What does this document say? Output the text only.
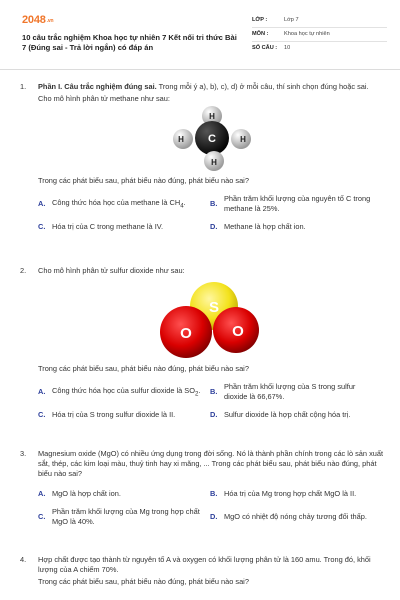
$2048^{.vn}$
10 câu trắc nghiệm Khoa học tự nhiên 7 Kết nối tri thức Bài 7 (Đúng sai - Trả lời ngắn) có đáp án
LỚP :	Lớp 7
MÔN :	Khoa học tự nhiên
SỐ CÂU :	10
1.	Phần I. Câu trắc nghiệm đúng sai. Trong mỗi ý a), b), c), d) ở mỗi câu, thí sinh chọn đúng hoặc sai.

Cho mô hình phân tử methane như sau:

C
H
H	H
H

Trong các phát biểu sau, phát biểu nào đúng, phát biểu nào sai?

A. Công thức hóa học của methane là $CH_4$.	B.
Phần trăm khối lượng của nguyên tố C trong methane là 25%.
C. Hóa trị của C trong methane là IV.	D. Methane là hợp chất ion.
2.	Cho mô hình phân tử sulfur dioxide như sau:

S
O	O

Trong các phát biểu sau, phát biểu nào đúng, phát biểu nào sai?

A. Công thức hóa học của sulfur dioxide là $SO_2$. B.
Phần trăm khối lượng của S trong sulfur dioxide là 66,67%.
C. Hóa trị của S trong sulfur dioxide là II.	D. Sulfur dioxide là hợp chất cộng hóa trị.
3.	Magnesium oxide (MgO) có nhiều ứng dụng trong đời sống. Nó là thành phần chính trong các lò sản xuất sắt, thép, các kim loại màu, thuỷ tinh hay xi măng, ... Trong các phát biểu sau, phát biểu nào đúng, phát biểu nào sai?

A. MgO là hợp chất ion.	B. Hóa trị của Mg trong hợp chất MgO là II.
C.
Phần trăm khối lượng của Mg trong hợp chất MgO là 40%.
D. MgO có nhiệt độ nóng chảy tương đối thấp.
4.	Hợp chất được tạo thành từ nguyên tố A và oxygen có khối lượng phân tử là 160 amu. Trong đó, khối lượng của A chiếm 70%.

Trong các phát biểu sau, phát biểu nào đúng, phát biểu nào sai?
